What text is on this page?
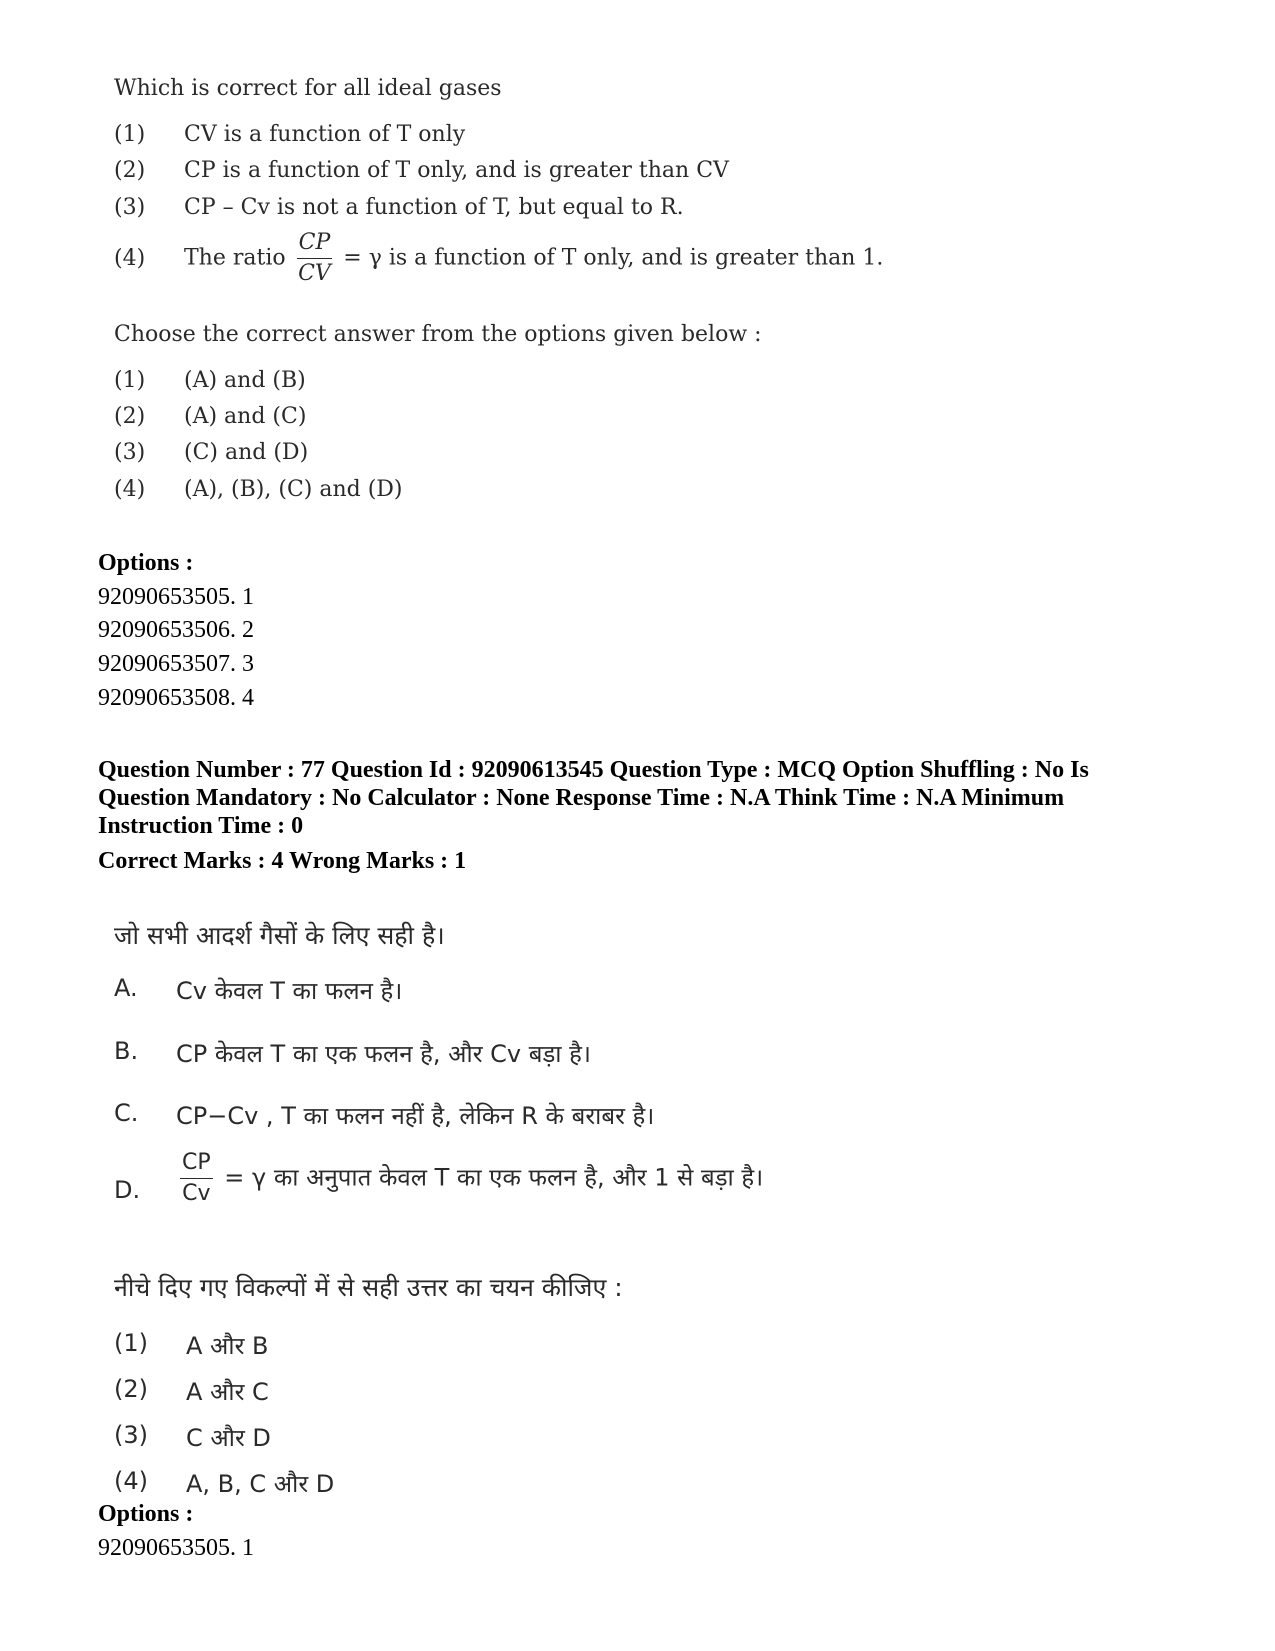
Which is correct for all ideal gases
(1) CV is a function of T only
(2) CP is a function of T only, and is greater than CV
(3) CP – Cv is not a function of T, but equal to R.
(4) The ratio $\frac{CP}{CV} = \gamma$ is a function of T only, and is greater than 1.
Choose the correct answer from the options given below :
(1) (A) and (B)
(2) (A) and (C)
(3) (C) and (D)
(4) (A), (B), (C) and (D)
Options :
92090653505. 1
92090653506. 2
92090653507. 3
92090653508. 4
Question Number : 77 Question Id : 92090613545 Question Type : MCQ Option Shuffling : No Is
Question Mandatory : No Calculator : None Response Time : N.A Think Time : N.A Minimum
Instruction Time : 0
Correct Marks : 4 Wrong Marks : 1
जो सभी आदर्श गैसों के लिए सही है।
A. Cv केवल T का फलन है।
B. CP केवल T का एक फलन है, और Cv बड़ा है।
C. CP−Cv , T का फलन नहीं है, लेकिन R के बराबर है।
D. $\frac{CP}{Cv} = \gamma$ का अनुपात केवल T का एक फलन है, और 1 से बड़ा है।
नीचे दिए गए विकल्पों में से सही उत्तर का चयन कीजिए :
(1) A और B
(2) A और C
(3) C और D
(4) A, B, C और D
Options :
92090653505. 1
